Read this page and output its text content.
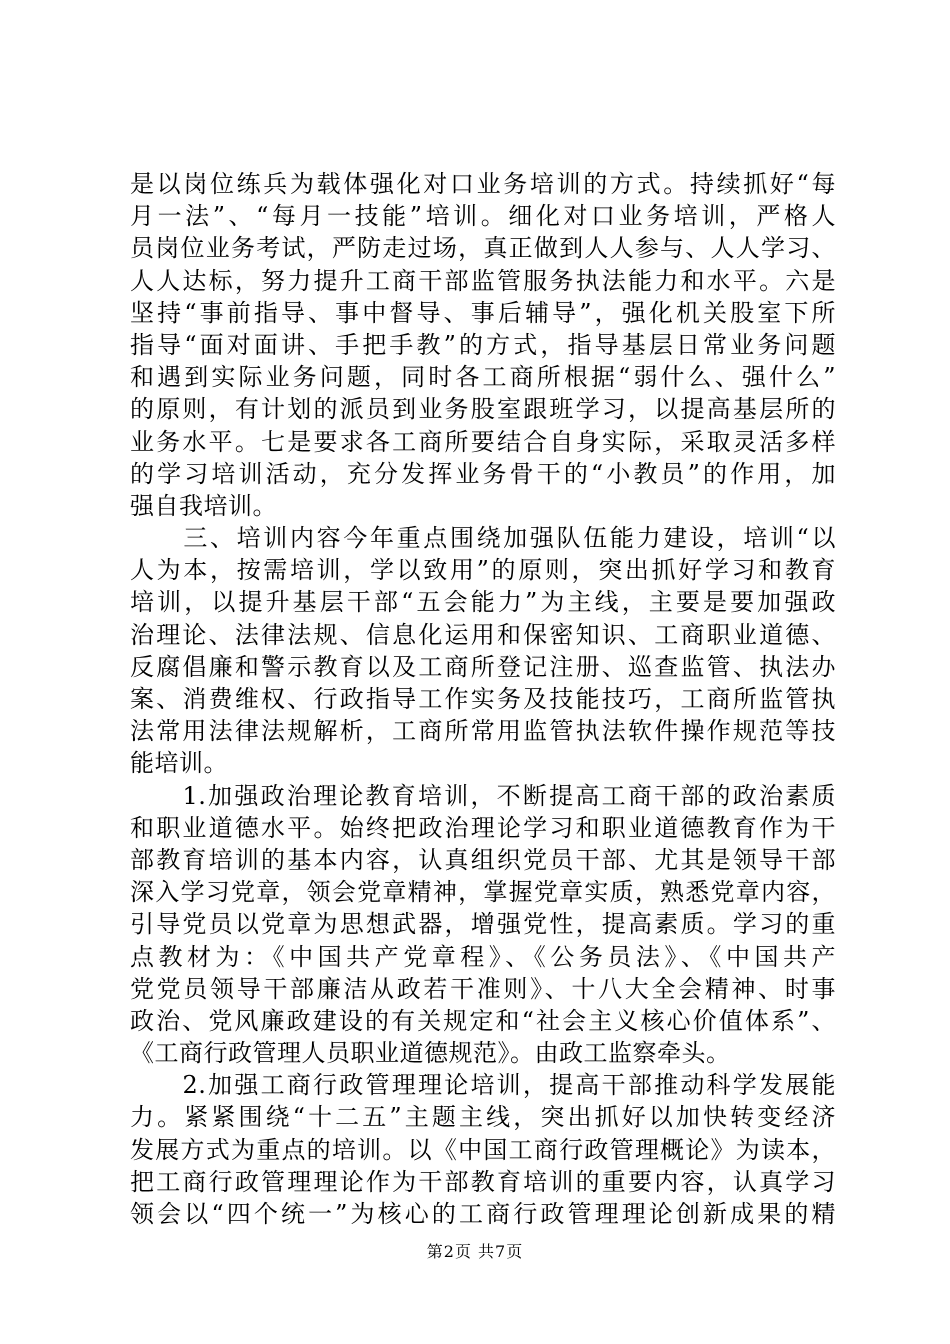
是以岗位练兵为载体强化对口业务培训的方式。持续抓好“每
月一法”、“每月一技能”培训。细化对口业务培训，严格人
员岗位业务考试，严防走过场，真正做到人人参与、人人学习、
人人达标，努力提升工商干部监管服务执法能力和水平。六是
坚持“事前指导、事中督导、事后辅导”，强化机关股室下所
指导“面对面讲、手把手教”的方式，指导基层日常业务问题
和遇到实际业务问题，同时各工商所根据“弱什么、强什么”
的原则，有计划的派员到业务股室跟班学习，以提高基层所的
业务水平。七是要求各工商所要结合自身实际，采取灵活多样
的学习培训活动，充分发挥业务骨干的“小教员”的作用，加
强自我培训。
　　三、培训内容今年重点围绕加强队伍能力建设，培训“以
人为本，按需培训，学以致用”的原则，突出抓好学习和教育
培训，以提升基层干部“五会能力”为主线，主要是要加强政
治理论、法律法规、信息化运用和保密知识、工商职业道德、
反腐倡廉和警示教育以及工商所登记注册、巡查监管、执法办
案、消费维权、行政指导工作实务及技能技巧，工商所监管执
法常用法律法规解析，工商所常用监管执法软件操作规范等技
能培训。
　　1.加强政治理论教育培训，不断提高工商干部的政治素质
和职业道德水平。始终把政治理论学习和职业道德教育作为干
部教育培训的基本内容，认真组织党员干部、尤其是领导干部
深入学习党章，领会党章精神，掌握党章实质，熟悉党章内容，
引导党员以党章为思想武器，增强党性，提高素质。学习的重
点教材为：《中国共产党章程》、《公务员法》、《中国共产
党党员领导干部廉洁从政若干准则》、十八大全会精神、时事
政治、党风廉政建设的有关规定和“社会主义核心价值体系”、
《工商行政管理人员职业道德规范》。由政工监察牵头。
　　2.加强工商行政管理理论培训，提高干部推动科学发展能
力。紧紧围绕“十二五”主题主线，突出抓好以加快转变经济
发展方式为重点的培训。以《中国工商行政管理概论》为读本，
把工商行政管理理论作为干部教育培训的重要内容，认真学习
领会以“四个统一”为核心的工商行政管理理论创新成果的精
第2页 共7页
